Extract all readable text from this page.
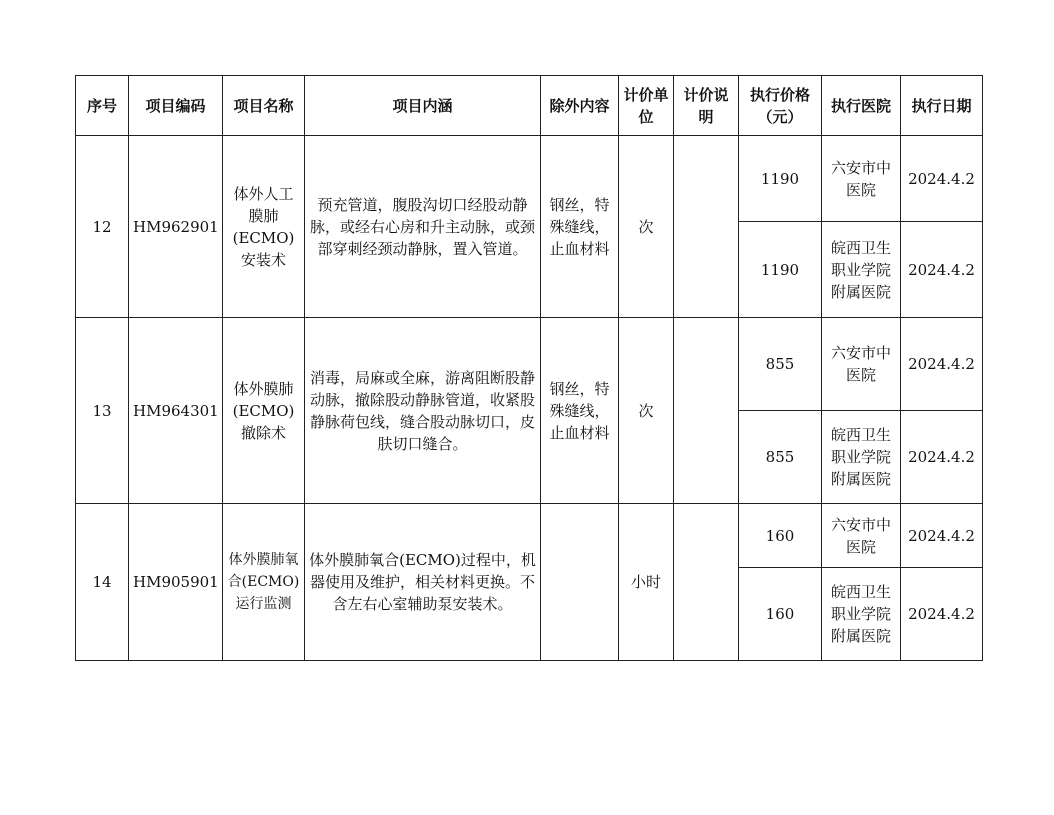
序号	项目编码	项目名称	项目内涵	除外内容	计价单位	计价说明	执行价格（元）	执行医院	执行日期
12	HM962901	体外人工膜肺(ECMO)安装术	预充管道，腹股沟切口经股动静脉，或经右心房和升主动脉，或颈部穿刺经颈动静脉，置入管道。	钢丝，特殊缝线，止血材料	次		1190	六安市中医院	2024.4.2
							1190	皖西卫生职业学院附属医院	2024.4.2
13	HM964301	体外膜肺(ECMO)撤除术	消毒，局麻或全麻，游离阻断股静动脉，撤除股动静脉管道，收紧股静脉荷包线，缝合股动脉切口，皮肤切口缝合。	钢丝，特殊缝线，止血材料	次		855	六安市中医院	2024.4.2
							855	皖西卫生职业学院附属医院	2024.4.2
14	HM905901	体外膜肺氧合(ECMO)运行监测	体外膜肺氧合(ECMO)过程中，机器使用及维护，相关材料更换。不含左右心室辅助泵安装术。		小时		160	六安市中医院	2024.4.2
							160	皖西卫生职业学院附属医院	2024.4.2
